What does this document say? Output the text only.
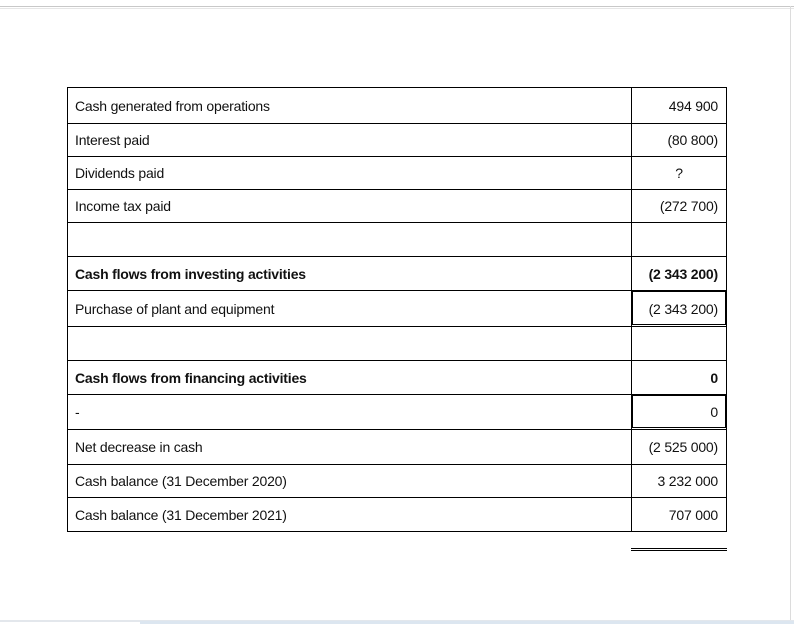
Cash generated from operations	494 900
Interest paid	(80 800)
Dividends paid	?
Income tax paid	(272 700)
Cash flows from investing activities	(2 343 200)
Purchase of plant and equipment	(2 343 200)
Cash flows from financing activities	0
-	0
Net decrease in cash	(2 525 000)
Cash balance (31 December 2020)	3 232 000
Cash balance (31 December 2021)	707 000
